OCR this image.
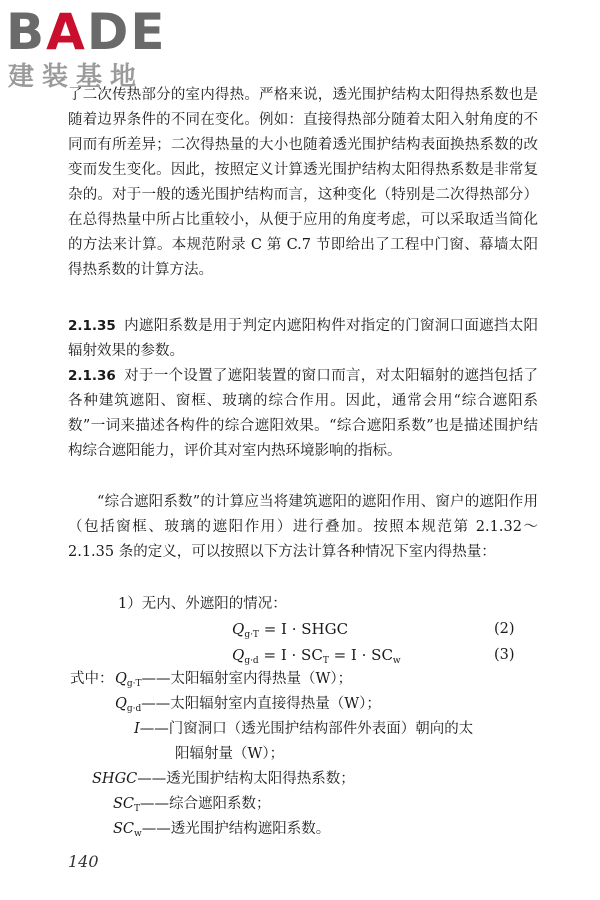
BADE
建装基地

了二次传热部分的室内得热。严格来说，透光围护结构太阳得热系数也是随着边界条件的不同在变化。例如：直接得热部分随着太阳入射角度的不同而有所差异；二次得热量的大小也随着透光围护结构表面换热系数的改变而发生变化。因此，按照定义计算透光围护结构太阳得热系数是非常复杂的。对于一般的透光围护结构而言，这种变化（特别是二次得热部分）在总得热量中所占比重较小，从便于应用的角度考虑，可以采取适当简化的方法来计算。本规范附录 C 第 C.7 节即给出了工程中门窗、幕墙太阳得热系数的计算方法。

2.1.35 内遮阳系数是用于判定内遮阳构件对指定的门窗洞口面遮挡太阳辐射效果的参数。
2.1.36 对于一个设置了遮阳装置的窗口而言，对太阳辐射的遮挡包括了各种建筑遮阳、窗框、玻璃的综合作用。因此，通常会用“综合遮阳系数”一词来描述各构件的综合遮阳效果。“综合遮阳系数”也是描述围护结构综合遮阳能力，评价其对室内热环境影响的指标。
“综合遮阳系数”的计算应当将建筑遮阳的遮阳作用、窗户的遮阳作用（包括窗框、玻璃的遮阳作用）进行叠加。按照本规范第 2.1.32～2.1.35 条的定义，可以按照以下方法计算各种情况下室内得热量：
1）无内、外遮阳的情况：
$Q_{g\cdot T} = I$ · SHGC	(2)
$Q_{g\cdot d} = I \cdot SC_T = I \cdot SC_w$	(3)
式中： $Q_{g\cdot T}——$太阳辐射室内得热量（W）；
$Q_{g\cdot d}——$太阳辐射室内直接得热量（W）；
I——门窗洞口（透光围护结构部件外表面）朝向的太
阳辐射量（W）；
SHGC——透光围护结构太阳得热系数；
$SC_T——$综合遮阳系数；
$SC_w——$透光围护结构遮阳系数。
140
